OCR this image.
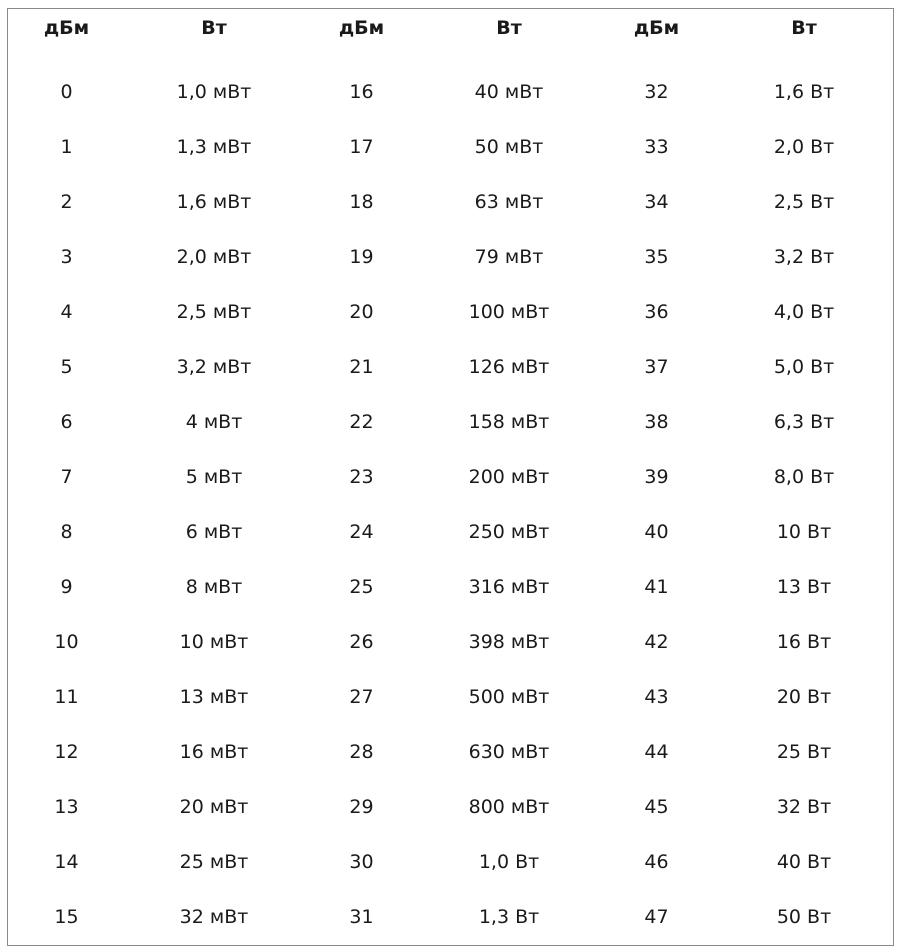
дБм	Вт	дБм	Вт	дБм	Вт

0	1,0 мВт	16	40 мВт	32	1,6 Вт
1	1,3 мВт	17	50 мВт	33	2,0 Вт
2	1,6 мВт	18	63 мВт	34	2,5 Вт
3	2,0 мВт	19	79 мВт	35	3,2 Вт
4	2,5 мВт	20	100 мВт	36	4,0 Вт
5	3,2 мВт	21	126 мВт	37	5,0 Вт
6	4 мВт	22	158 мВт	38	6,3 Вт
7	5 мВт	23	200 мВт	39	8,0 Вт
8	6 мВт	24	250 мВт	40	10 Вт
9	8 мВт	25	316 мВт	41	13 Вт
10	10 мВт	26	398 мВт	42	16 Вт
11	13 мВт	27	500 мВт	43	20 Вт
12	16 мВт	28	630 мВт	44	25 Вт
13	20 мВт	29	800 мВт	45	32 Вт
14	25 мВт	30	1,0 Вт	46	40 Вт
15	32 мВт	31	1,3 Вт	47	50 Вт
